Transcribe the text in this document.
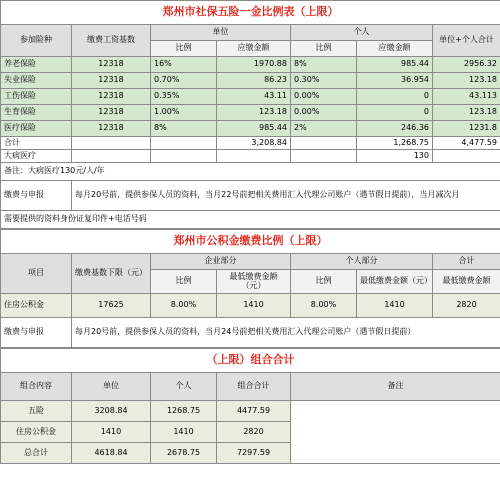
郑州市社保五险一金比例表（上限）						
参加险种	缴费工资基数	单位		个人		单位+个人合计
		比例	应缴金额	比例	应缴金额	
养老保险	12318	16%	1970.88	8%	985.44	2956.32
失业保险	12318	0.70%	86.23	0.30%	36.954	123.18
工伤保险	12318	0.35%	43.11	0.00%	0	43.113
生育保险	12318	1.00%	123.18	0.00%	0	123.18
医疗保险	12318	8%	985.44	2%	246.36	1231.8
合计			3,208.84		1,268.75	4,477.59
大病医疗					130	
备注：大病医疗130元/人/年						
缴费与申报	每月20号前，提供参保人员的资料，当月22号前把相关费用汇入代理公司账户（遇节假日提前），当月减次月					
需要提供的资料身份证复印件+电话号码						
郑州市公积金缴费比例（上限）						
项目	缴费基数下限（元）	企业部分		个人部分		合计
		比例	最低缴费金额（元）	比例	最低缴费金额（元）	最低缴费金额
住房公积金	17625	8.00%	1410	8.00%	1410	2820
缴费与申报	每月20号前，提供参保人员的资料，当月24号前把相关费用汇入代理公司账户（遇节假日提前）					
（上限）组合合计				
组合内容	单位	个人	组合合计	备注
五险	3208.84	1268.75	4477.59	
住房公积金	1410	1410	2820	
总合计	4618.84	2678.75	7297.59	
